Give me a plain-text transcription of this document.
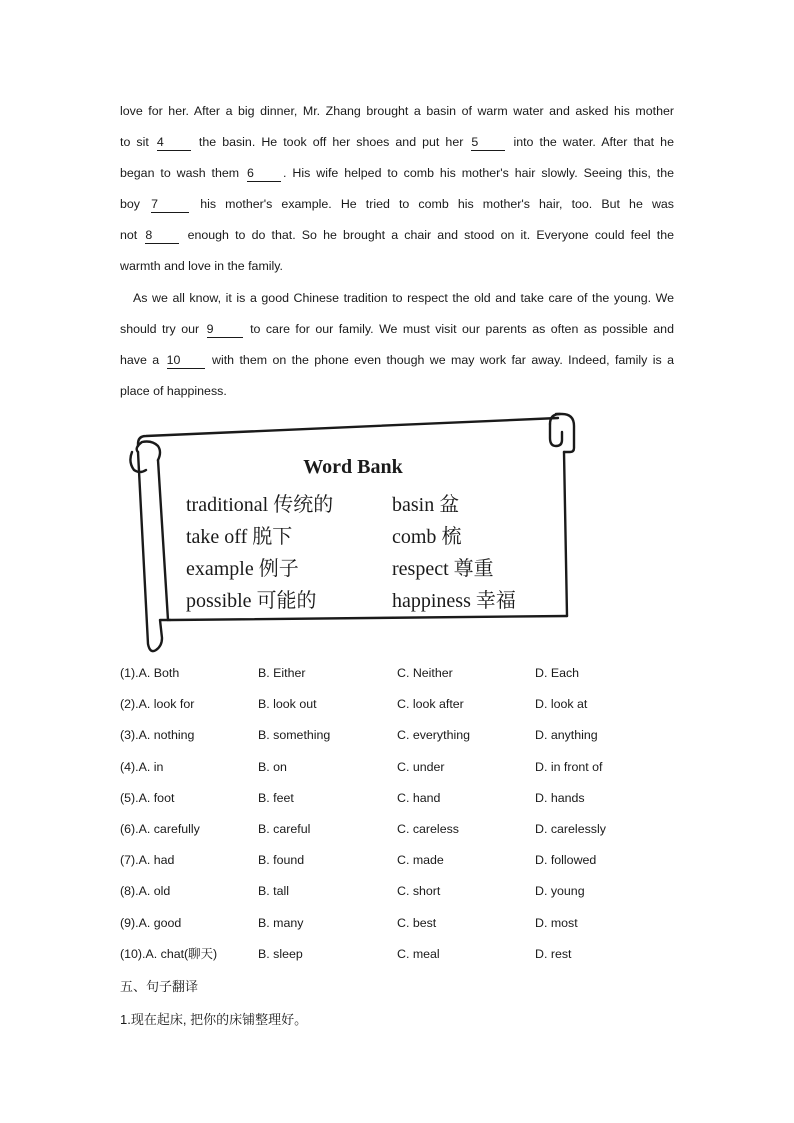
love for her. After a big dinner, Mr. Zhang brought a basin of warm water and asked his mother
to sit 4	the basin. He took off her shoes and put her 5	into the water. After that he
began to wash them 6 . His wife helped to comb his mother's hair slowly. Seeing this, the
boy 7	his mother's example. He tried to comb his mother's hair, too. But he was
not 8	enough to do that. So he brought a chair and stood on it. Everyone could feel the
warmth and love in the family.
As we all know, it is a good Chinese tradition to respect the old and take care of the young. We
should try our 9	to care for our family. We must visit our parents as often as possible and
have a 10	with them on the phone even though we may work far away. Indeed, family is a
place of happiness.
Word Bank
traditional 传统的	basin 盆
take off 脱下	comb 梳
example 例子	respect 尊重
possible 可能的	happiness 幸福
(1).A. Both	B. Either	C. Neither	D. Each
(2).A. look for	B. look out	C. look after	D. look at
(3).A. nothing	B. something	C. everything	D. anything
(4).A. in	B. on	C. under	D. in front of
(5).A. foot	B. feet	C. hand	D. hands
(6).A. carefully	B. careful	C. careless	D. carelessly
(7).A. had	B. found	C. made	D. followed
(8).A. old	B. tall	C. short	D. young
(9).A. good	B. many	C. best	D. most
(10).A. chat(聊天)	B. sleep	C. meal	D. rest
五、句子翻译
1.现在起床, 把你的床铺整理好。
